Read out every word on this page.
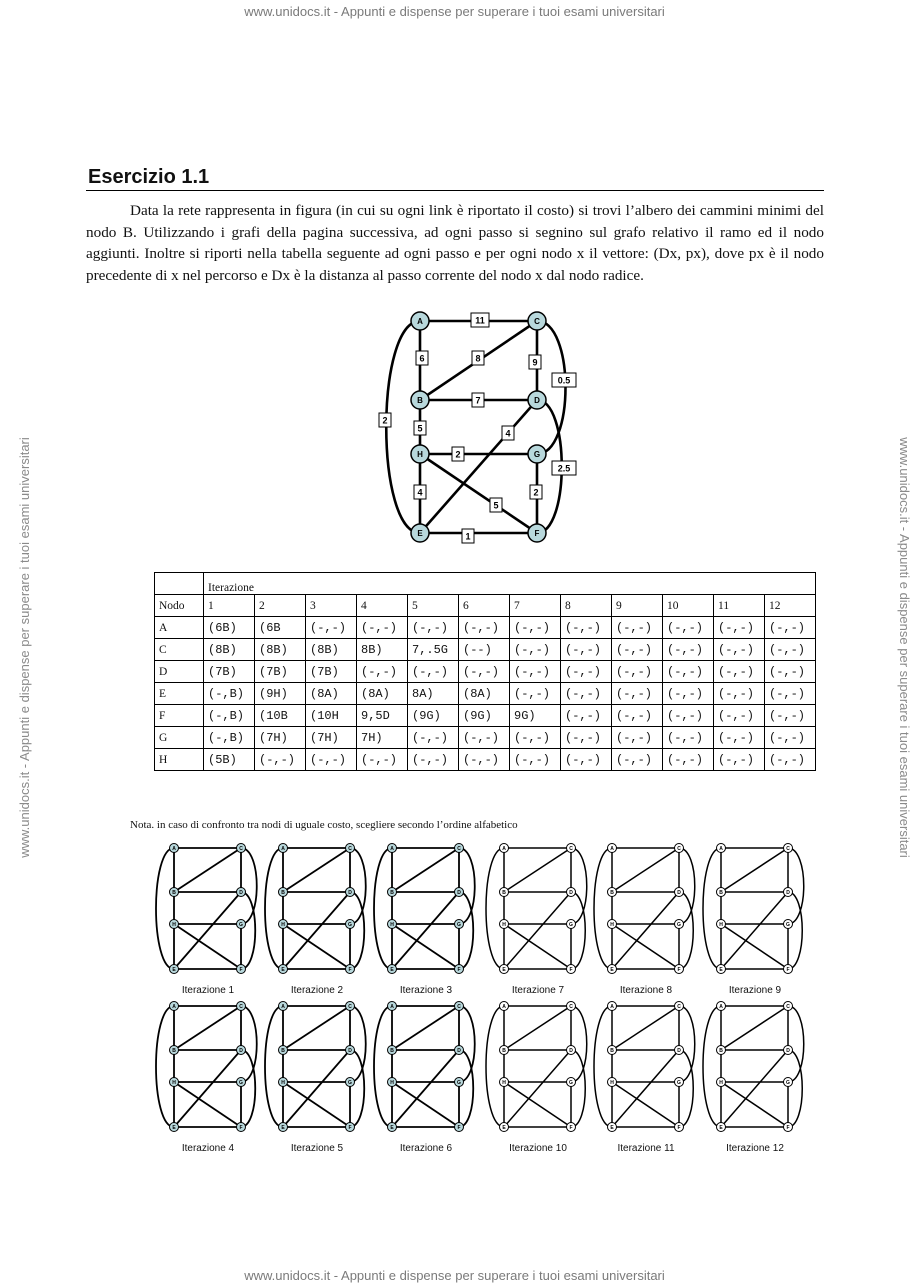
www.unidocs.it - Appunti e dispense per superare i tuoi esami universitari
www.unidocs.it - Appunti e dispense per superare i tuoi esami universitari
www.unidocs.it - Appunti e dispense per superare i tuoi esami universitari	www.unidocs.it - Appunti e dispense per superare i tuoi esami universitari
Esercizio 1.1

Data la rete rappresenta in figura (in cui su ogni link è riportato il costo) si trovi l’albero dei cammini minimi del nodo B. Utilizzando i grafi della pagina successiva, ad ogni passo si segnino sul grafo relativo il ramo ed il nodo aggiunti. Inoltre si riporti nella tabella seguente ad ogni passo e per ogni nodo x il vettore: (Dx, px), dove px è il nodo precedente di x nel percorso e Dx è la distanza al passo corrente del nodo x dal nodo radice.

11
6	8	9
0.5
7
2
5
2
4
2.5
4
5
2
1
A	C
B	D
H	G
E	F
	Iterazione											
Nodo	1	2	3	4	5	6	7	8	9	10	11	12
A	(6B)	(6B	(-,-)	(-,-)	(-,-)	(-,-)	(-,-)	(-,-)	(-,-)	(-,-)	(-,-)	(-,-)
C	(8B)	(8B)	(8B)	8B)	7,.5G	(--)	(-,-)	(-,-)	(-,-)	(-,-)	(-,-)	(-,-)
D	(7B)	(7B)	(7B)	(-,-)	(-,-)	(-,-)	(-,-)	(-,-)	(-,-)	(-,-)	(-,-)	(-,-)
E	(-,B)	(9H)	(8A)	(8A)	8A)	(8A)	(-,-)	(-,-)	(-,-)	(-,-)	(-,-)	(-,-)
F	(-,B)	(10B	(10H	9,5D	(9G)	(9G)	9G)	(-,-)	(-,-)	(-,-)	(-,-)	(-,-)
G	(-,B)	(7H)	(7H)	7H)	(-,-)	(-,-)	(-,-)	(-,-)	(-,-)	(-,-)	(-,-)	(-,-)
H	(5B)	(-,-)	(-,-)	(-,-)	(-,-)	(-,-)	(-,-)	(-,-)	(-,-)	(-,-)	(-,-)	(-,-)
Nota. in caso di confronto tra nodi di uguale costo, scegliere secondo l’ordine alfabetico
A	C
B	D
H	G
E	F
Iterazione 1
A	C
B	D
H	G
E	F
Iterazione 2
A	C
B	D
H	G
E	F
Iterazione 3
A	C
B	D
H	G
E	F
Iterazione 7
A	C
B	D
H	G
E	F
Iterazione 8
A	C
B	D
H	G
E	F
Iterazione 9
A	C
B	D
H	G
E	F
Iterazione 4
A	C
B	D
H	G
E	F
Iterazione 5
A	C
B	D
H	G
E	F
Iterazione 6
A	C
B	D
H	G
E	F
Iterazione 10
A	C
B	D
H	G
E	F
Iterazione 11
A	C
B	D
H	G
E	F
Iterazione 12
